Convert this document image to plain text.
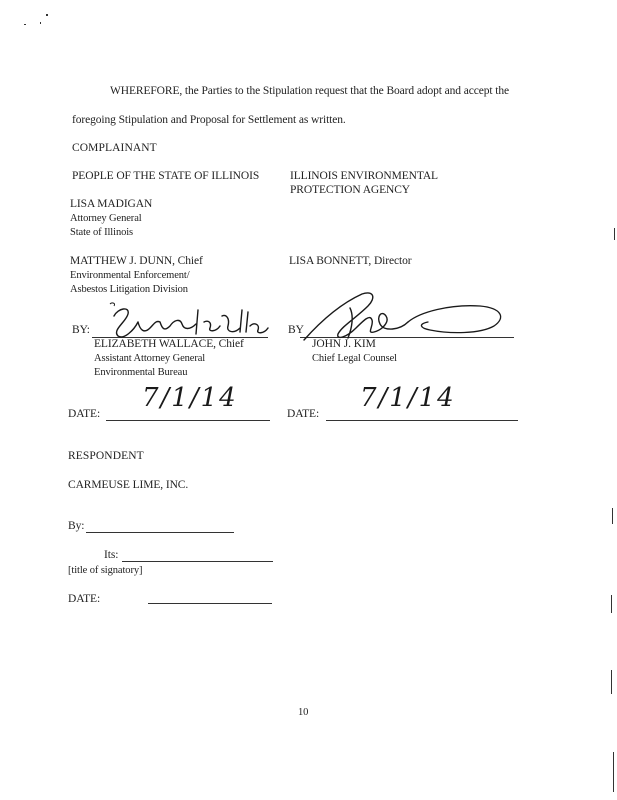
WHEREFORE, the Parties to the Stipulation request that the Board adopt and accept the
foregoing Stipulation and Proposal for Settlement as written.
COMPLAINANT
PEOPLE OF THE STATE OF ILLINOIS	ILLINOIS ENVIRONMENTAL
PROTECTION AGENCY
LISA MADIGAN
Attorney General
State of Illinois
MATTHEW J. DUNN, Chief
Environmental Enforcement/
Asbestos Litigation Division
LISA BONNETT, Director
BY:	BY
ELIZABETH WALLACE, Chief
Assistant Attorney General
Environmental Bureau
JOHN J. KIM
Chief Legal Counsel
DATE:
7/1/14
DATE:
7/1/14
RESPONDENT
CARMEUSE LIME, INC.
By:
Its:
[title of signatory]
DATE:
10
